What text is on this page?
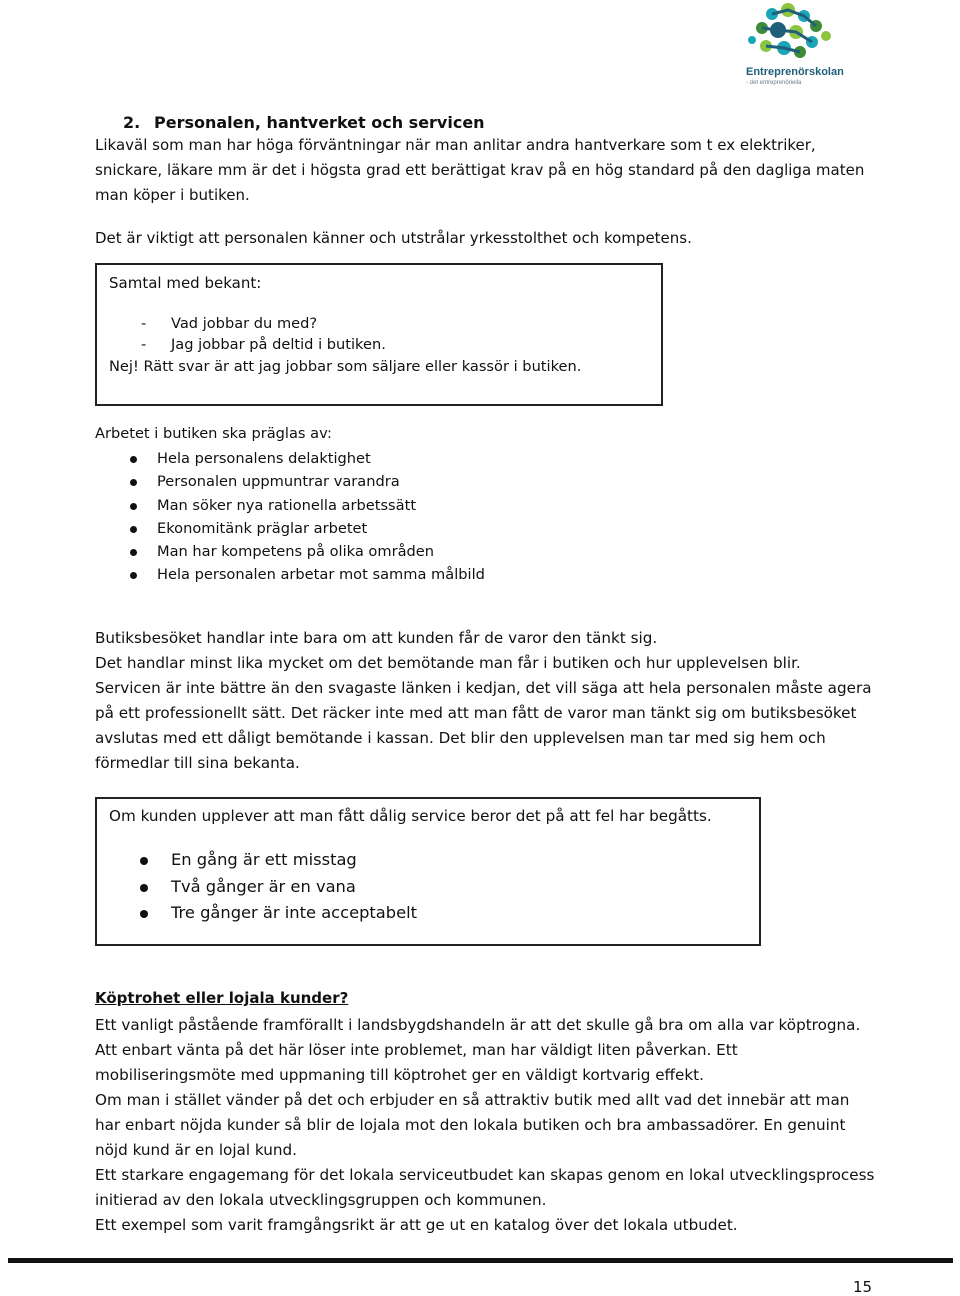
Entreprenörskolan
- det entreprenöriella
2. Personalen, hantverket och servicen
Likaväl som man har höga förväntningar när man anlitar andra hantverkare som t ex elektriker,
snickare, läkare mm är det i högsta grad ett berättigat krav på en hög standard på den dagliga maten
man köper i butiken.
Det är viktigt att personalen känner och utstrålar yrkesstolthet och kompetens.
Samtal med bekant:
- Vad jobbar du med?
- Jag jobbar på deltid i butiken.
Nej! Rätt svar är att jag jobbar som säljare eller kassör i butiken.
Arbetet i butiken ska präglas av:
Hela personalens delaktighet
Personalen uppmuntrar varandra
Man söker nya rationella arbetssätt
Ekonomitänk präglar arbetet
Man har kompetens på olika områden
Hela personalen arbetar mot samma målbild
Butiksbesöket handlar inte bara om att kunden får de varor den tänkt sig.
Det handlar minst lika mycket om det bemötande man får i butiken och hur upplevelsen blir.
Servicen är inte bättre än den svagaste länken i kedjan, det vill säga att hela personalen måste agera
på ett professionellt sätt. Det räcker inte med att man fått de varor man tänkt sig om butiksbesöket
avslutas med ett dåligt bemötande i kassan. Det blir den upplevelsen man tar med sig hem och
förmedlar till sina bekanta.
Om kunden upplever att man fått dålig service beror det på att fel har begåtts.
En gång är ett misstag
Två gånger är en vana
Tre gånger är inte acceptabelt
Köptrohet eller lojala kunder?
Ett vanligt påstående framförallt i landsbygdshandeln är att det skulle gå bra om alla var köptrogna.
Att enbart vänta på det här löser inte problemet, man har väldigt liten påverkan. Ett
mobiliseringsmöte med uppmaning till köptrohet ger en väldigt kortvarig effekt.
Om man i stället vänder på det och erbjuder en så attraktiv butik med allt vad det innebär att man
har enbart nöjda kunder så blir de lojala mot den lokala butiken och bra ambassadörer. En genuint
nöjd kund är en lojal kund.
Ett starkare engagemang för det lokala serviceutbudet kan skapas genom en lokal utvecklingsprocess
initierad av den lokala utvecklingsgruppen och kommunen.
Ett exempel som varit framgångsrikt är att ge ut en katalog över det lokala utbudet.
15
